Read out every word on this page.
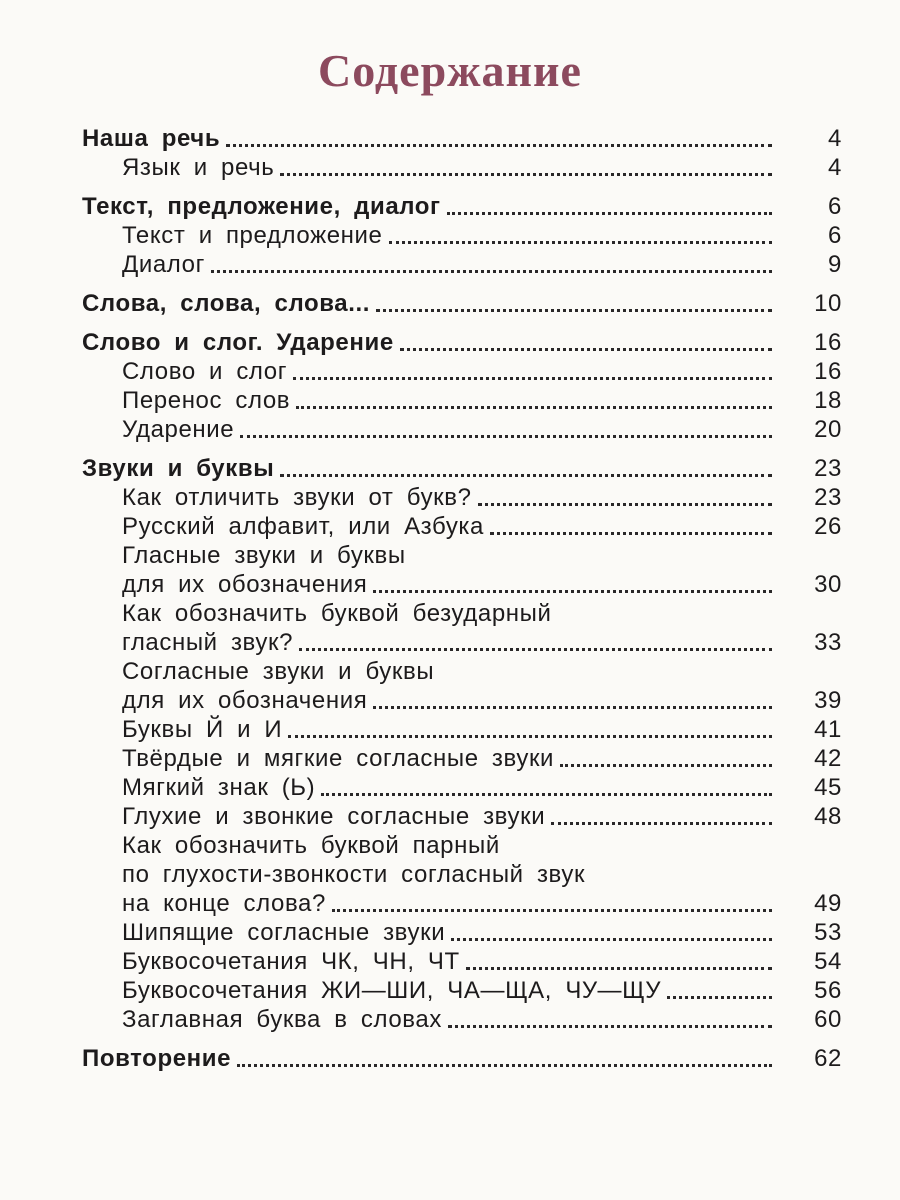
Содержание
Наша речь	4
Язык и речь	4
Текст, предложение, диалог	6
Текст и предложение	6
Диалог	9
Слова, слова, слова...	10
Слово и слог. Ударение	16
Слово и слог	16
Перенос слов	18
Ударение	20
Звуки и буквы	23
Как отличить звуки от букв?	23
Русский алфавит, или Азбука	26
Гласные звуки и буквы
для их обозначения	30
Как обозначить буквой безударный
гласный звук?	33
Согласные звуки и буквы
для их обозначения	39
Буквы Й и И	41
Твёрдые и мягкие согласные звуки	42
Мягкий знак (Ь)	45
Глухие и звонкие согласные звуки	48
Как обозначить буквой парный
по глухости-звонкости согласный звук
на конце слова?	49
Шипящие согласные звуки	53
Буквосочетания ЧК, ЧН, ЧТ	54
Буквосочетания ЖИ—ШИ, ЧА—ЩА, ЧУ—ЩУ	56
Заглавная буква в словах	60
Повторение	62
